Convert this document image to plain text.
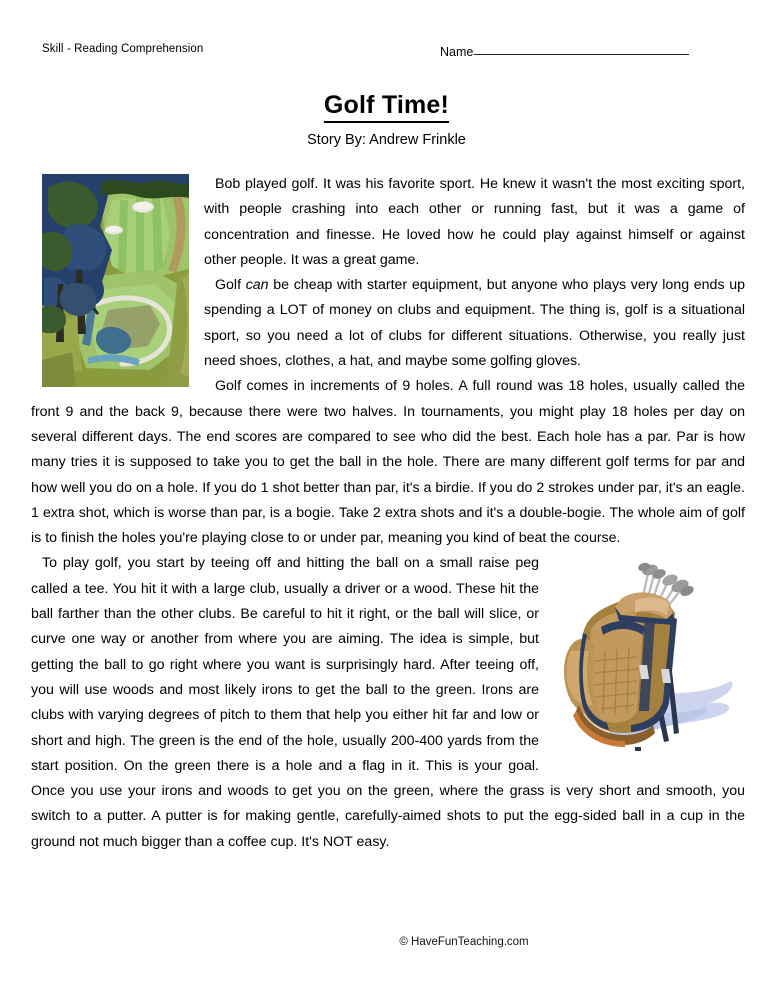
Skill - Reading Comprehension	Name
Golf Time!
Story By: Andrew Frinkle

Bob played golf. It was his favorite sport. He knew it wasn't the most exciting sport, with people crashing into each other or running fast, but it was a game of concentration and finesse. He loved how he could play against himself or against other people. It was a great game.

Golf can be cheap with starter equipment, but anyone who plays very long ends up spending a LOT of money on clubs and equipment. The thing is, golf is a situational sport, so you need a lot of clubs for different situations. Otherwise, you really just need shoes, clothes, a hat, and maybe some golfing gloves.

Golf comes in increments of 9 holes. A full round was 18 holes, usually called the front 9 and the back 9, because there were two halves. In tournaments, you might play 18 holes per day on several different days. The end scores are compared to see who did the best. Each hole has a par. Par is how many tries it is supposed to take you to get the ball in the hole. There are many different golf terms for par and how well you do on a hole. If you do 1 shot better than par, it's a birdie. If you do 2 strokes under par, it's an eagle. 1 extra shot, which is worse than par, is a bogie. Take 2 extra shots and it's a double-bogie. The whole aim of golf is to finish the holes you're playing close to or under par, meaning you kind of beat the course.

To play golf, you start by teeing off and hitting the ball on a small raise peg called a tee. You hit it with a large club, usually a driver or a wood. These hit the ball farther than the other clubs. Be careful to hit it right, or the ball will slice, or curve one way or another from where you are aiming. The idea is simple, but getting the ball to go right where you want is surprisingly hard. After teeing off, you will use woods and most likely irons to get the ball to the green. Irons are clubs with varying degrees of pitch to them that help you either hit far and low or short and high. The green is the end of the hole, usually 200-400 yards from the start position. On the green there is a hole and a flag in it. This is your goal. Once you use your irons and woods to get you on the green, where the grass is very short and smooth, you switch to a putter. A putter is for making gentle, carefully-aimed shots to put the egg-sided ball in a cup in the ground not much bigger than a coffee cup. It's NOT easy.

© HaveFunTeaching.com
